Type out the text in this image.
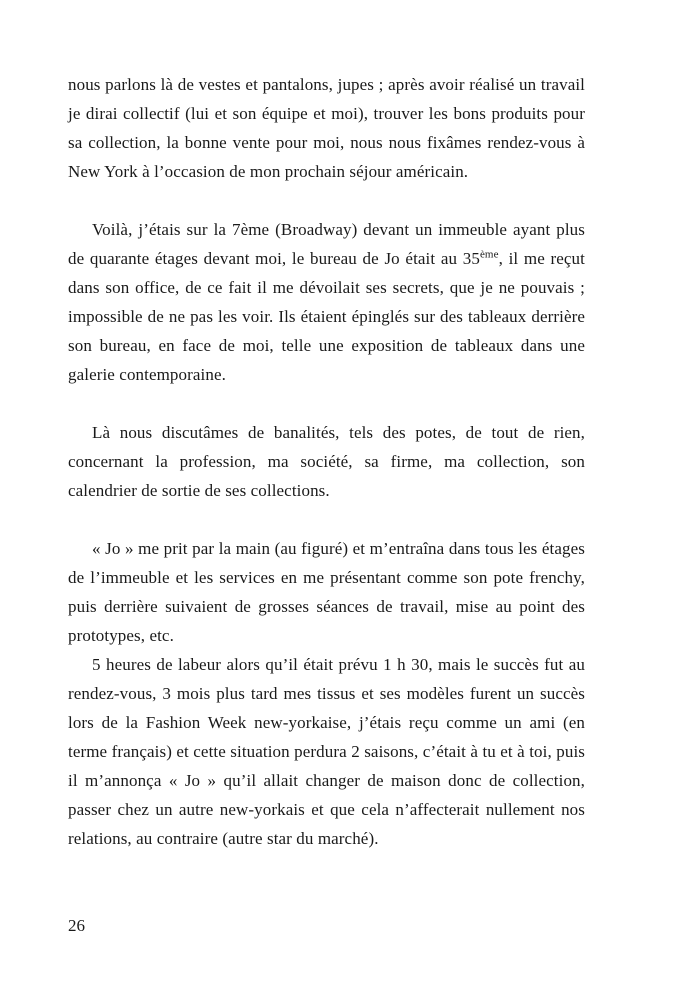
nous parlons là de vestes et pantalons, jupes ; après avoir réalisé un travail je dirai collectif (lui et son équipe et moi), trouver les bons produits pour sa collection, la bonne vente pour moi, nous nous fixâmes rendez-vous à New York à l’occasion de mon prochain séjour américain.

Voilà, j’étais sur la 7ème (Broadway) devant un immeuble ayant plus de quarante étages devant moi, le bureau de Jo était au 35ème, il me reçut dans son office, de ce fait il me dévoilait ses secrets, que je ne pouvais ; impossible de ne pas les voir. Ils étaient épinglés sur des tableaux derrière son bureau, en face de moi, telle une exposition de tableaux dans une galerie contemporaine.

Là nous discutâmes de banalités, tels des potes, de tout de rien, concernant la profession, ma société, sa firme, ma collection, son calendrier de sortie de ses collections.

« Jo » me prit par la main (au figuré) et m’entraîna dans tous les étages de l’immeuble et les services en me présentant comme son pote frenchy, puis derrière suivaient de grosses séances de travail, mise au point des prototypes, etc.

5 heures de labeur alors qu’il était prévu 1 h 30, mais le succès fut au rendez-vous, 3 mois plus tard mes tissus et ses modèles furent un succès lors de la Fashion Week new-yorkaise, j’étais reçu comme un ami (en terme français) et cette situation perdura 2 saisons, c’était à tu et à toi, puis il m’annonça « Jo » qu’il allait changer de maison donc de collection, passer chez un autre new-yorkais et que cela n’affecterait nullement nos relations, au contraire (autre star du marché).

26
